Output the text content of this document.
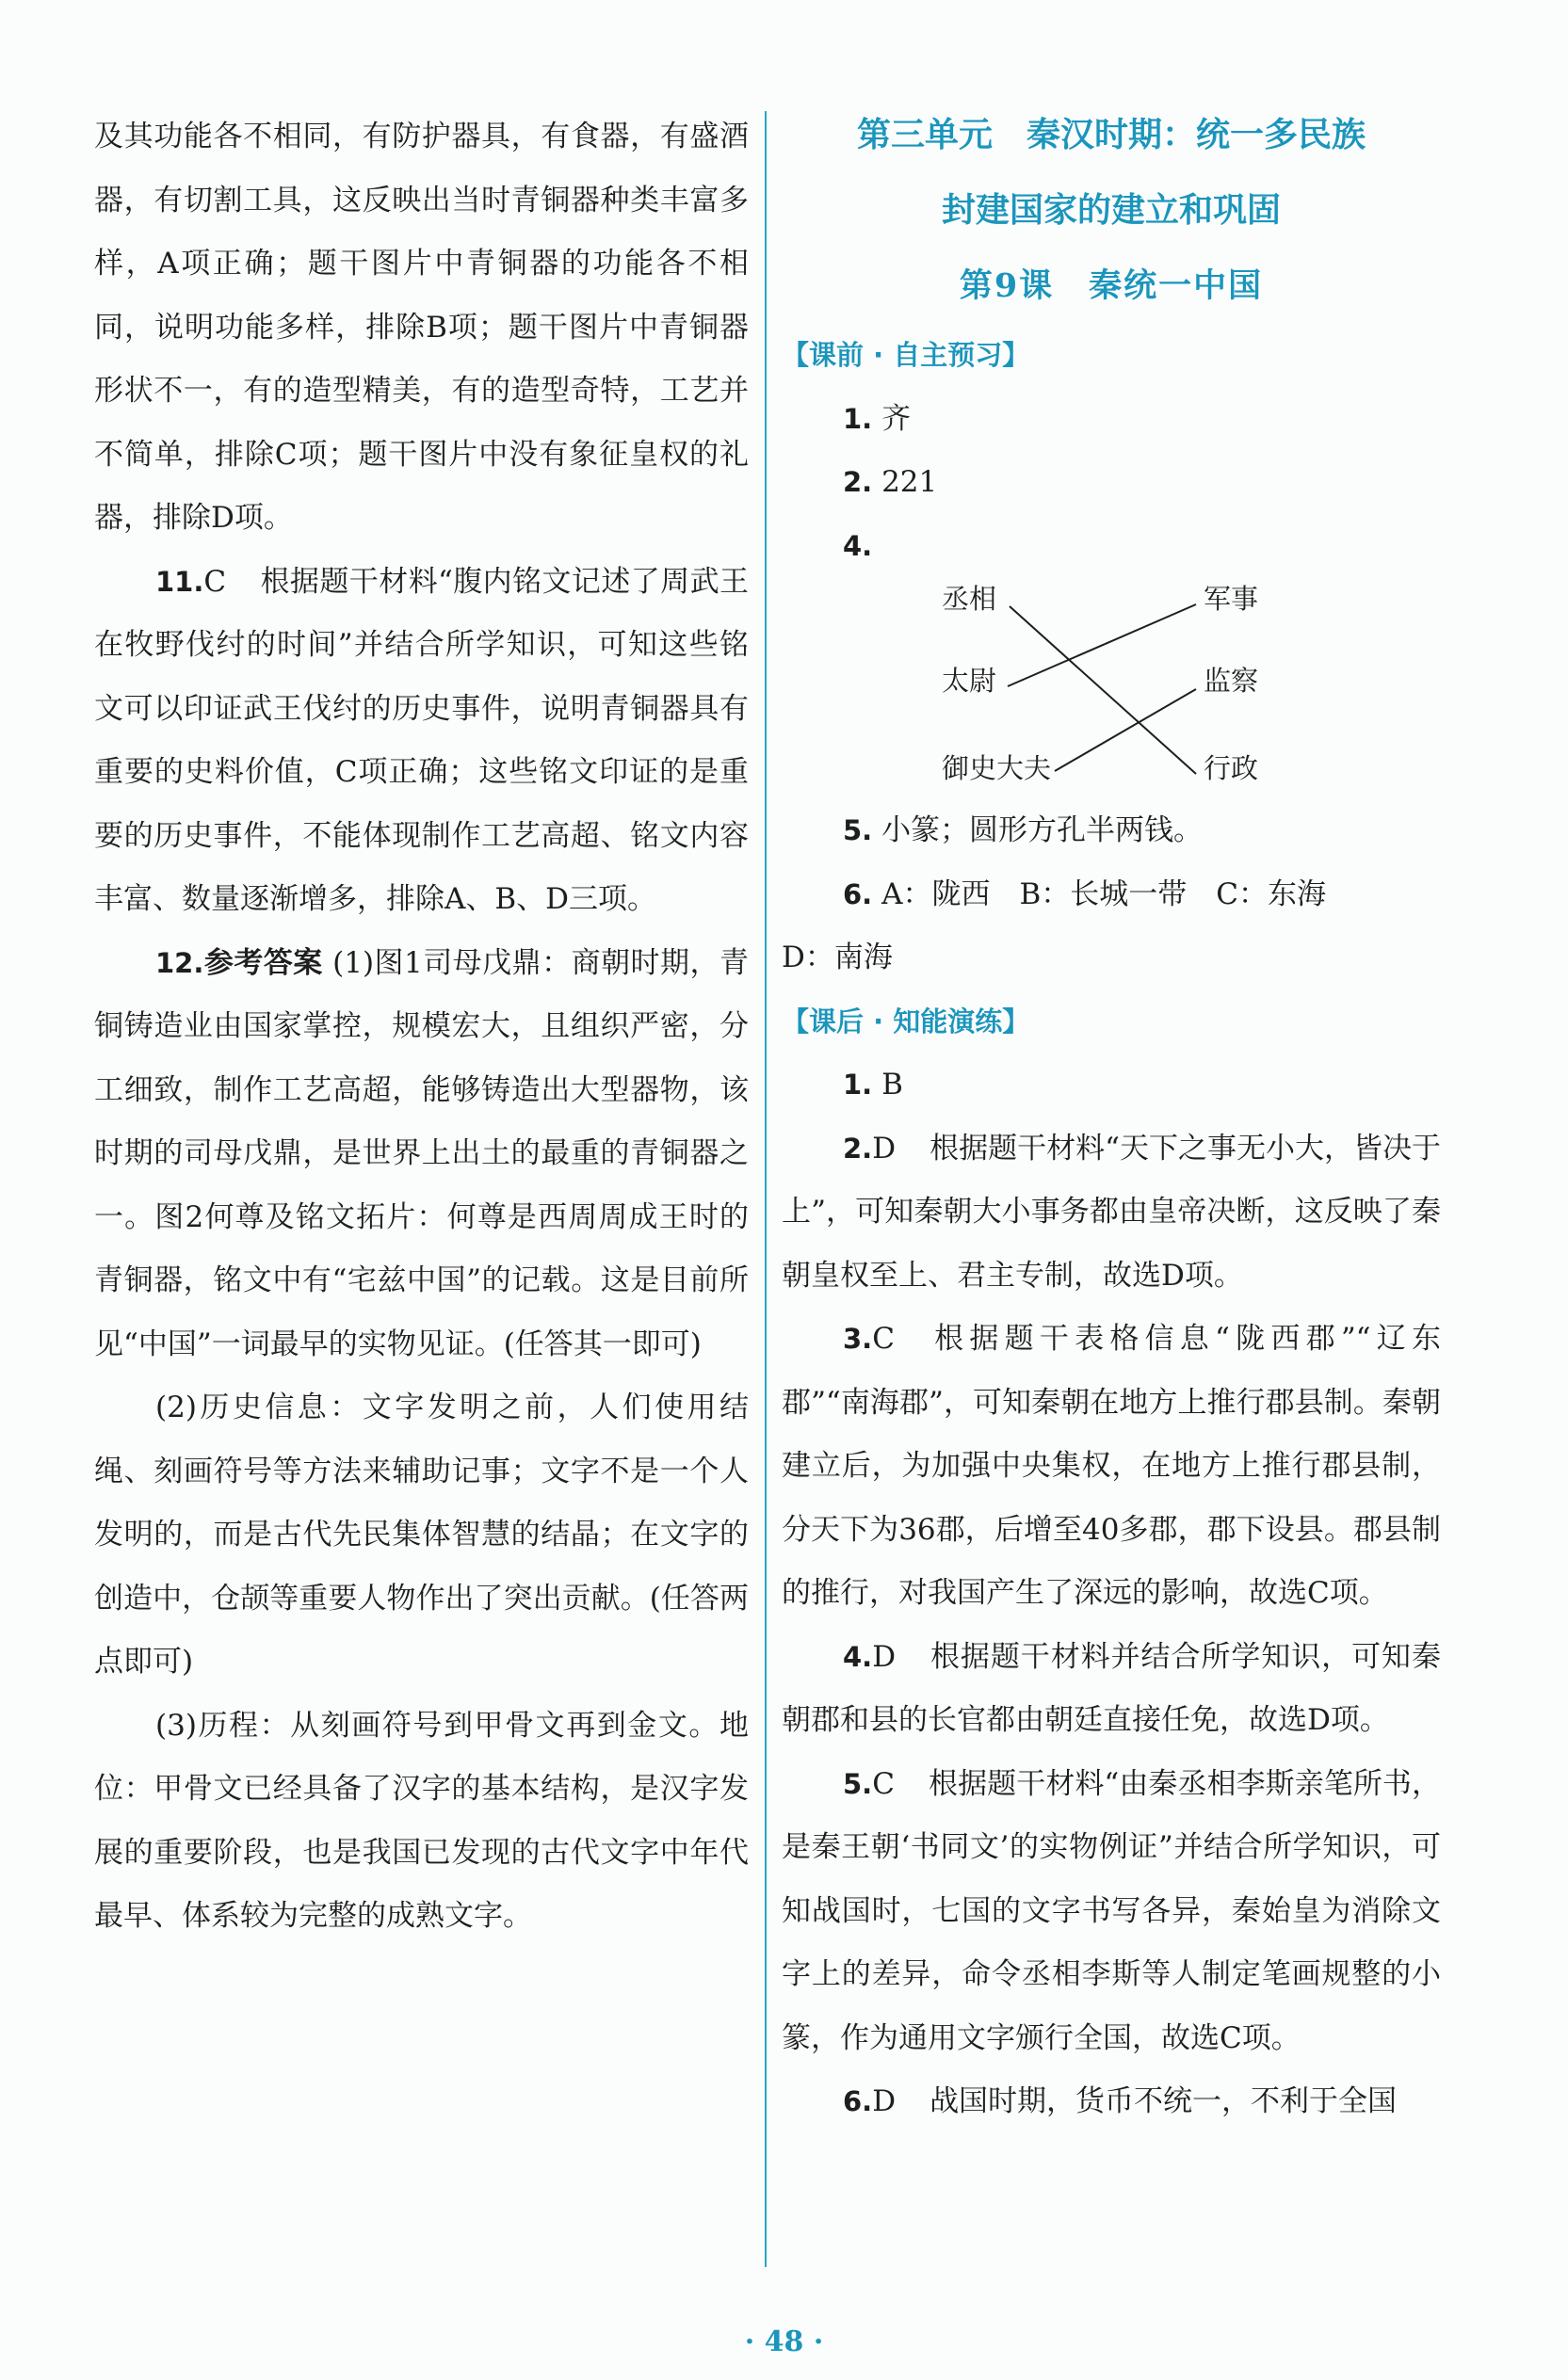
及其功能各不相同，有防护器具，有食器，有盛酒器，有切割工具，这反映出当时青铜器种类丰富多样，A项正确；题干图片中青铜器的功能各不相同，说明功能多样，排除B项；题干图片中青铜器形状不一，有的造型精美，有的造型奇特，工艺并不简单，排除C项；题干图片中没有象征皇权的礼器，排除D项。

11.C 根据题干材料“腹内铭文记述了周武王在牧野伐纣的时间”并结合所学知识，可知这些铭文可以印证武王伐纣的历史事件，说明青铜器具有重要的史料价值，C项正确；这些铭文印证的是重要的历史事件，不能体现制作工艺高超、铭文内容丰富、数量逐渐增多，排除A、B、D三项。

12.参考答案 (1)图1司母戊鼎：商朝时期，青铜铸造业由国家掌控，规模宏大，且组织严密，分工细致，制作工艺高超，能够铸造出大型器物，该时期的司母戊鼎，是世界上出土的最重的青铜器之一。图2何尊及铭文拓片：何尊是西周周成王时的青铜器，铭文中有“宅兹中国”的记载。这是目前所见“中国”一词最早的实物见证。(任答其一即可)

(2)历史信息：文字发明之前，人们使用结绳、刻画符号等方法来辅助记事；文字不是一个人发明的，而是古代先民集体智慧的结晶；在文字的创造中，仓颉等重要人物作出了突出贡献。(任答两点即可)

(3)历程：从刻画符号到甲骨文再到金文。地位：甲骨文已经具备了汉字的基本结构，是汉字发展的重要阶段，也是我国已发现的古代文字中年代最早、体系较为完整的成熟文字。

第三单元　秦汉时期：统一多民族
封建国家的建立和巩固
第9课　秦统一中国
【课前 · 自主预习】

1. 齐

2. 221

4.

丞相
太尉
御史大夫
军事
监察
行政

5. 小篆；圆形方孔半两钱。

6. A：陇西　B：长城一带　C：东海

D：南海

【课后 · 知能演练】

1. B

2.D 根据题干材料“天下之事无小大，皆决于上”，可知秦朝大小事务都由皇帝决断，这反映了秦朝皇权至上、君主专制，故选D项。

3.C 根据题干表格信息“陇西郡”“辽东郡”“南海郡”，可知秦朝在地方上推行郡县制。秦朝建立后，为加强中央集权，在地方上推行郡县制，分天下为36郡，后增至40多郡，郡下设县。郡县制的推行，对我国产生了深远的影响，故选C项。

4.D 根据题干材料并结合所学知识，可知秦朝郡和县的长官都由朝廷直接任免，故选D项。

5.C 根据题干材料“由秦丞相李斯亲笔所书，是秦王朝‘书同文’的实物例证”并结合所学知识，可知战国时，七国的文字书写各异，秦始皇为消除文字上的差异，命令丞相李斯等人制定笔画规整的小篆，作为通用文字颁行全国，故选C项。

6.D 战国时期，货币不统一，不利于全国

· 48 ·
